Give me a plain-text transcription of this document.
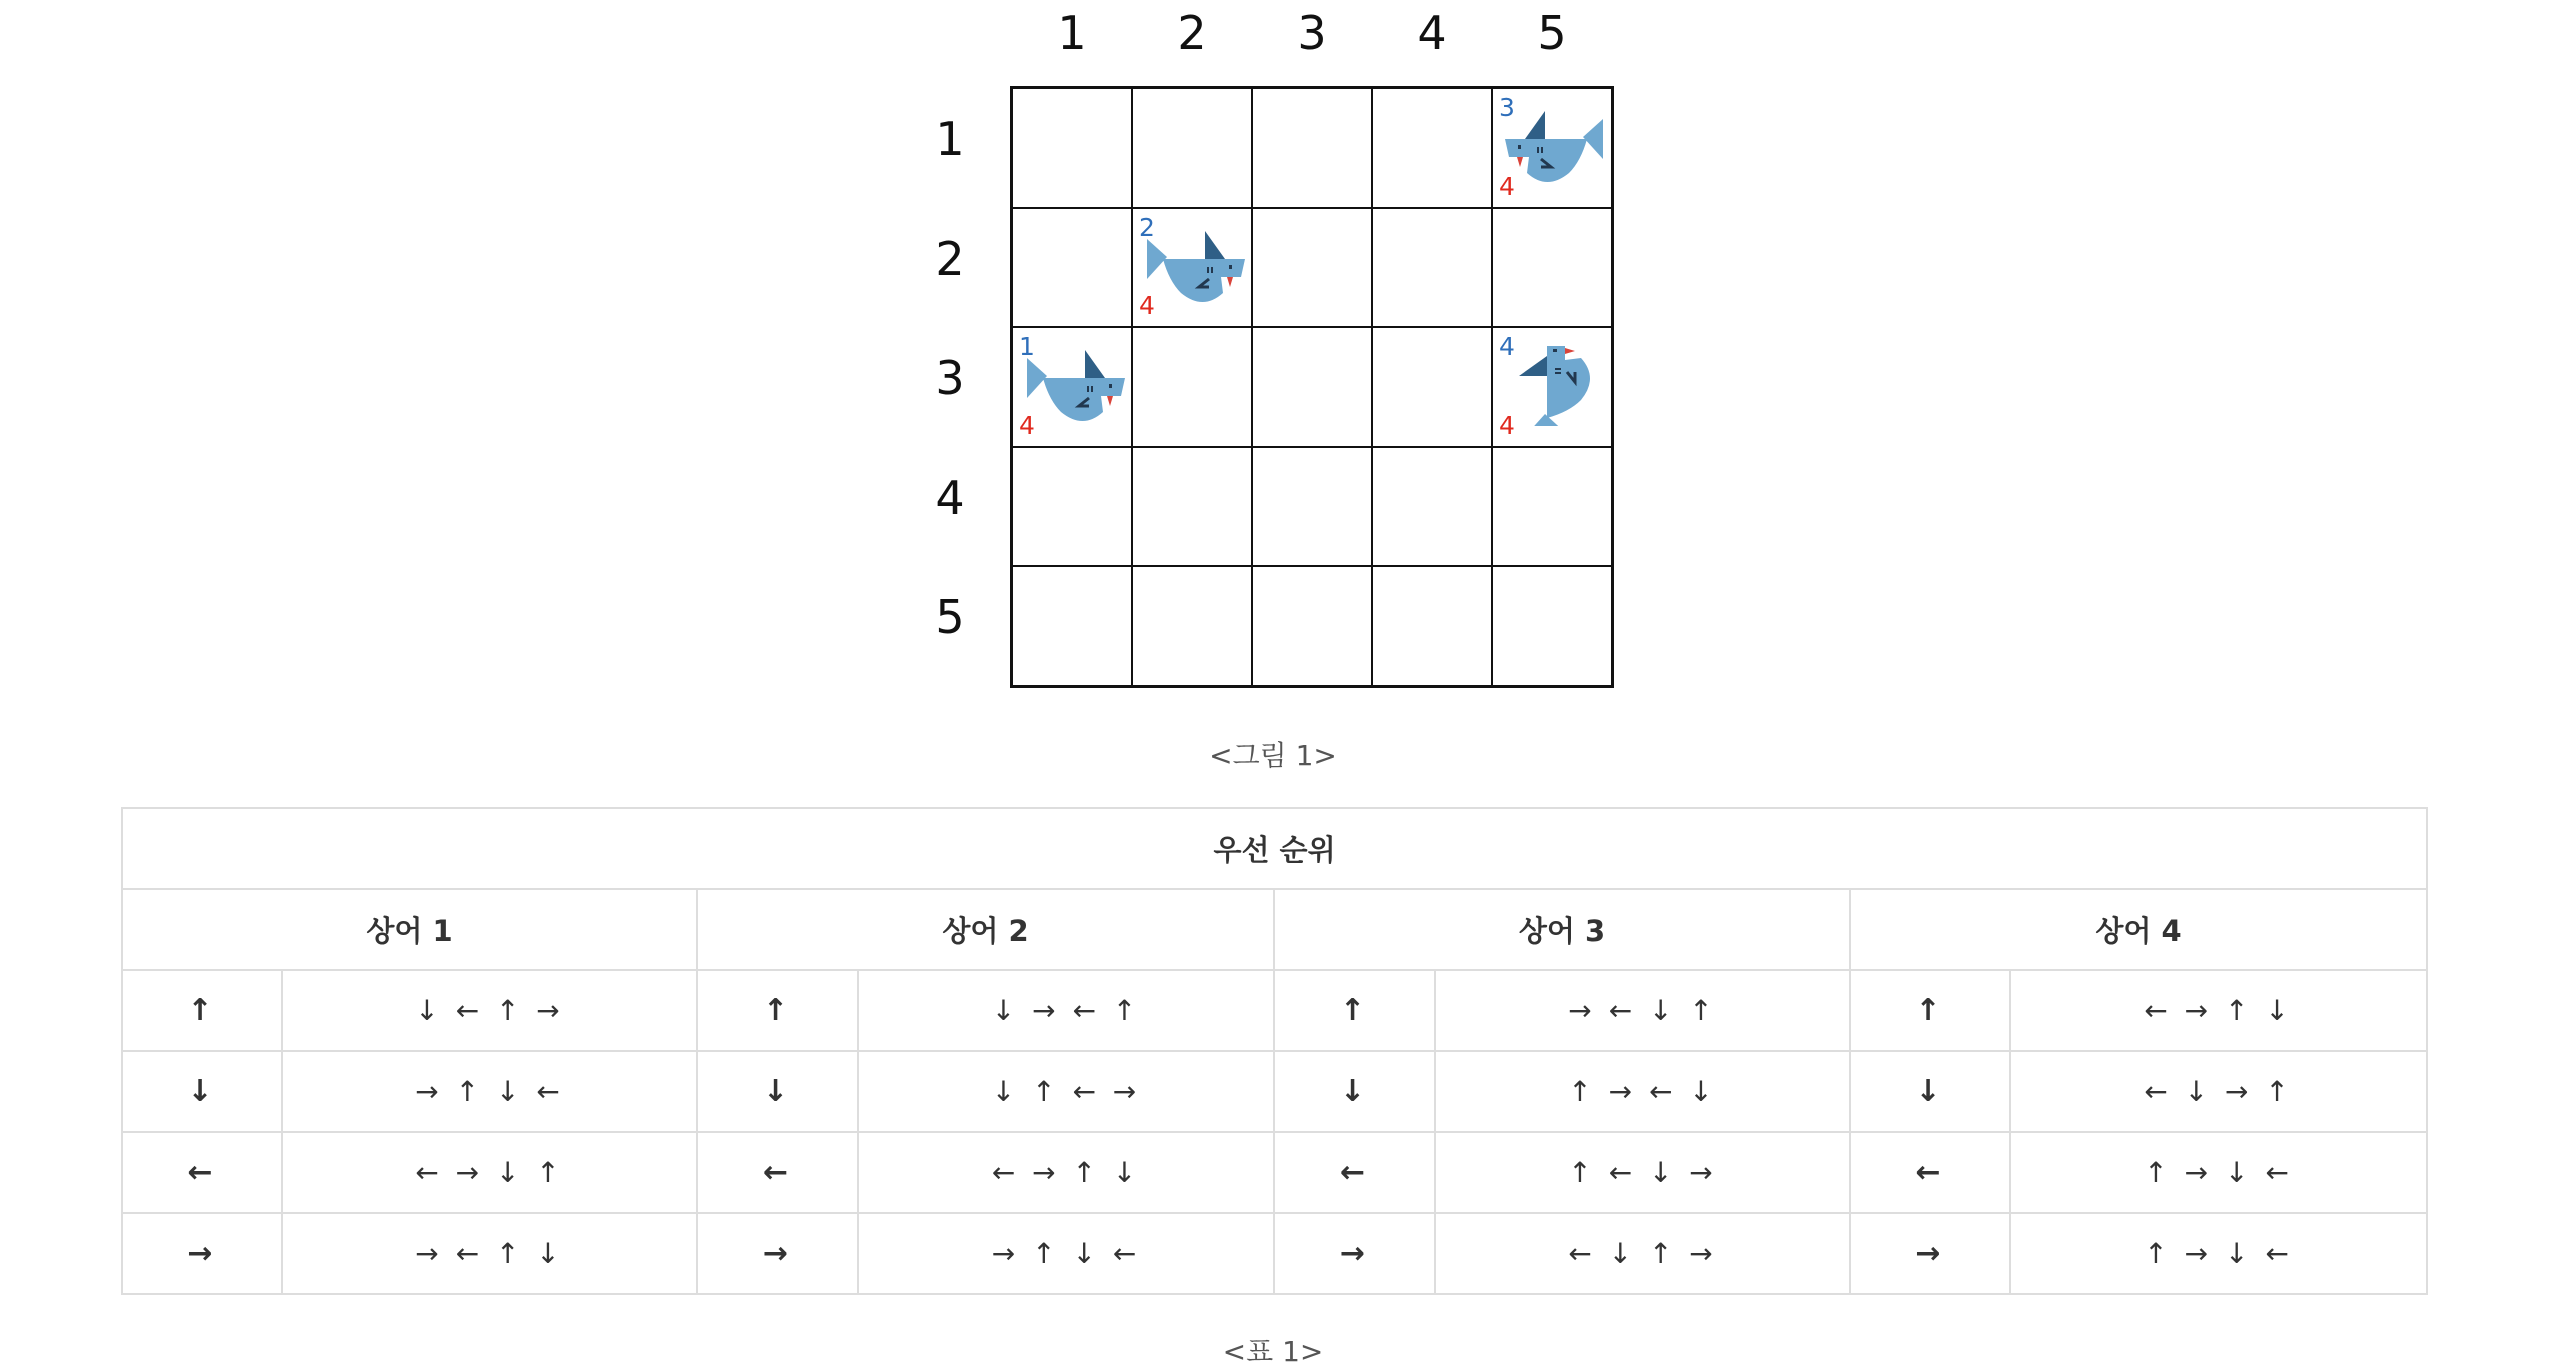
3
4
2
4
1
4
4
4
<그림 1>
우선 순위							
상어 1		상어 2		상어 3		상어 4	
↑	↓ ← ↑ →	↑	↓ → ← ↑	↑	→ ← ↓ ↑	↑	← → ↑ ↓
↓	→ ↑ ↓ ←	↓	↓ ↑ ← →	↓	↑ → ← ↓	↓	← ↓ → ↑
←	← → ↓ ↑	←	← → ↑ ↓	←	↑ ← ↓ →	←	↑ → ↓ ←
→	→ ← ↑ ↓	→	→ ↑ ↓ ←	→	← ↓ ↑ →	→	↑ → ↓ ←
<표 1>
1	2	3	4	5
1
2
3
4
5
